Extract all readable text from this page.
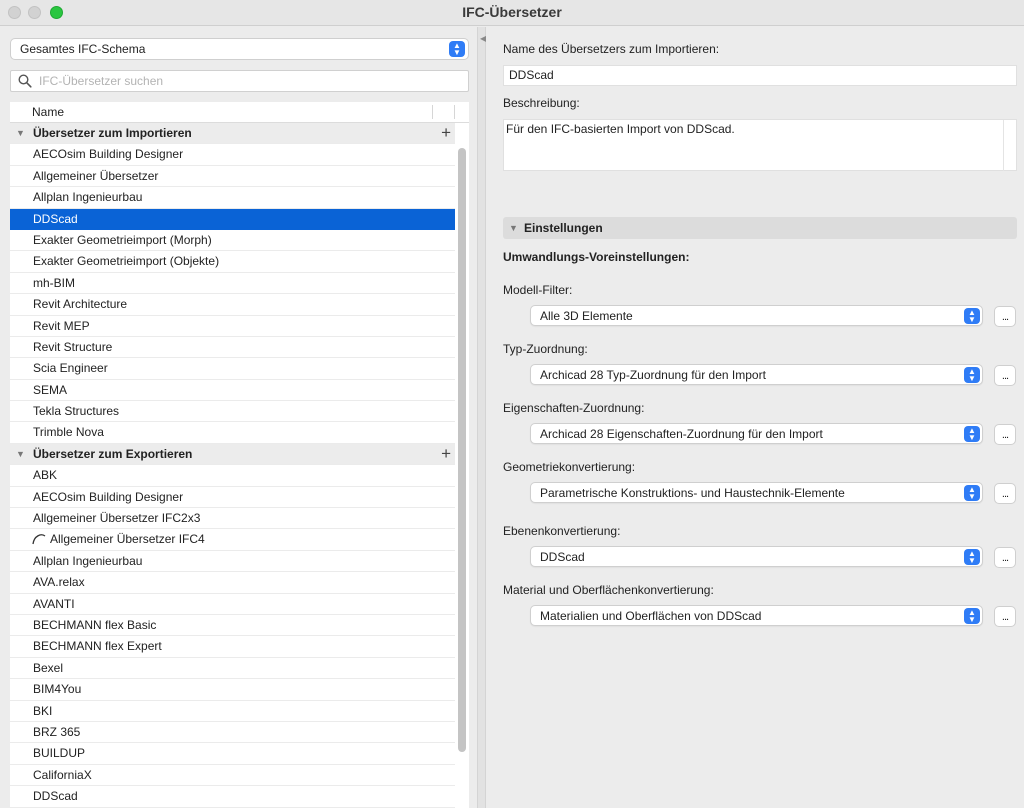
IFC-Übersetzer
Gesamtes IFC-Schema	▲
▼
IFC-Übersetzer suchen
Name
▼ Übersetzer zum Importieren	+
AECOsim Building Designer
Allgemeiner Übersetzer
Allplan Ingenieurbau
DDScad
Exakter Geometrieimport (Morph)
Exakter Geometrieimport (Objekte)
mh-BIM
Revit Architecture
Revit MEP
Revit Structure
Scia Engineer
SEMA
Tekla Structures
Trimble Nova
▼ Übersetzer zum Exportieren	+
ABK
AECOsim Building Designer
Allgemeiner Übersetzer IFC2x3
Allgemeiner Übersetzer IFC4
Allplan Ingenieurbau
AVA.relax
AVANTI
BECHMANN flex Basic
BECHMANN flex Expert
Bexel
BIM4You
BKI
BRZ 365
BUILDUP
CaliforniaX
DDScad
◀
Name des Übersetzers zum Importieren:
DDScad
Beschreibung:
Für den IFC-basierten Import von DDScad.
▼ Einstellungen
Umwandlungs-Voreinstellungen:
Modell-Filter:
Alle 3D Elemente	▲
▼	...
Typ-Zuordnung:
Archicad 28 Typ-Zuordnung für den Import	▲
▼	...
Eigenschaften-Zuordnung:
Archicad 28 Eigenschaften-Zuordnung für den Import	▲
▼	...
Geometriekonvertierung:
Parametrische Konstruktions- und Haustechnik-Elemente	▲
▼	...
Ebenenkonvertierung:
DDScad	▲
▼	...
Material und Oberflächenkonvertierung:
Materialien und Oberflächen von DDScad	▲
▼	...
